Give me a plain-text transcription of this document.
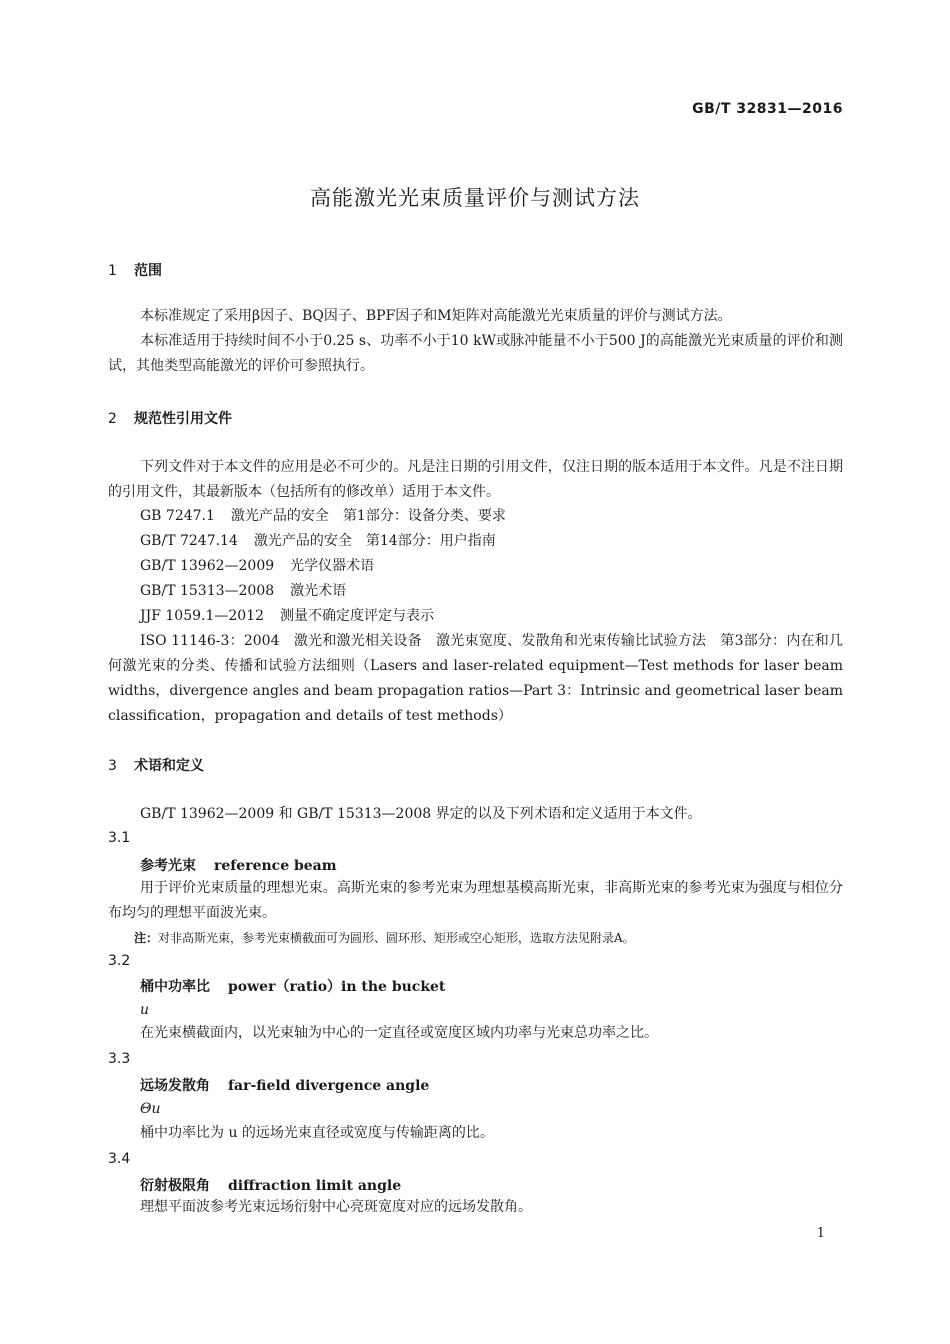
GB/T 32831—2016
高能激光光束质量评价与测试方法
1 范围
本标准规定了采用β因子、BQ因子、BPF因子和M矩阵对高能激光光束质量的评价与测试方法。
本标准适用于持续时间不小于0.25 s、功率不小于10 kW或脉冲能量不小于500 J的高能激光光束质量的评价和测试，其他类型高能激光的评价可参照执行。
2 规范性引用文件
下列文件对于本文件的应用是必不可少的。凡是注日期的引用文件，仅注日期的版本适用于本文件。凡是不注日期的引用文件，其最新版本（包括所有的修改单）适用于本文件。
GB 7247.1 激光产品的安全　第1部分：设备分类、要求
GB/T 7247.14 激光产品的安全　第14部分：用户指南
GB/T 13962—2009 光学仪器术语
GB/T 15313—2008 激光术语
JJF 1059.1—2012 测量不确定度评定与表示
ISO 11146-3：2004　激光和激光相关设备　激光束宽度、发散角和光束传输比试验方法　第3部分：内在和几何激光束的分类、传播和试验方法细则（Lasers and laser-related equipment—Test methods for laser beam widths，divergence angles and beam propagation ratios—Part 3：Intrinsic and geometrical laser beam classification，propagation and details of test methods）
3 术语和定义
GB/T 13962—2009 和 GB/T 15313—2008 界定的以及下列术语和定义适用于本文件。
3.1
参考光束 reference beam
用于评价光束质量的理想光束。高斯光束的参考光束为理想基模高斯光束，非高斯光束的参考光束为强度与相位分布均匀的理想平面波光束。
注：对非高斯光束，参考光束横截面可为圆形、圆环形、矩形或空心矩形，选取方法见附录A。
3.2
桶中功率比 power（ratio）in the bucket
u
在光束横截面内，以光束轴为中心的一定直径或宽度区域内功率与光束总功率之比。
3.3
远场发散角 far-field divergence angle
Θu
桶中功率比为 u 的远场光束直径或宽度与传输距离的比。
3.4
衍射极限角 diffraction limit angle
理想平面波参考光束远场衍射中心亮斑宽度对应的远场发散角。
1
